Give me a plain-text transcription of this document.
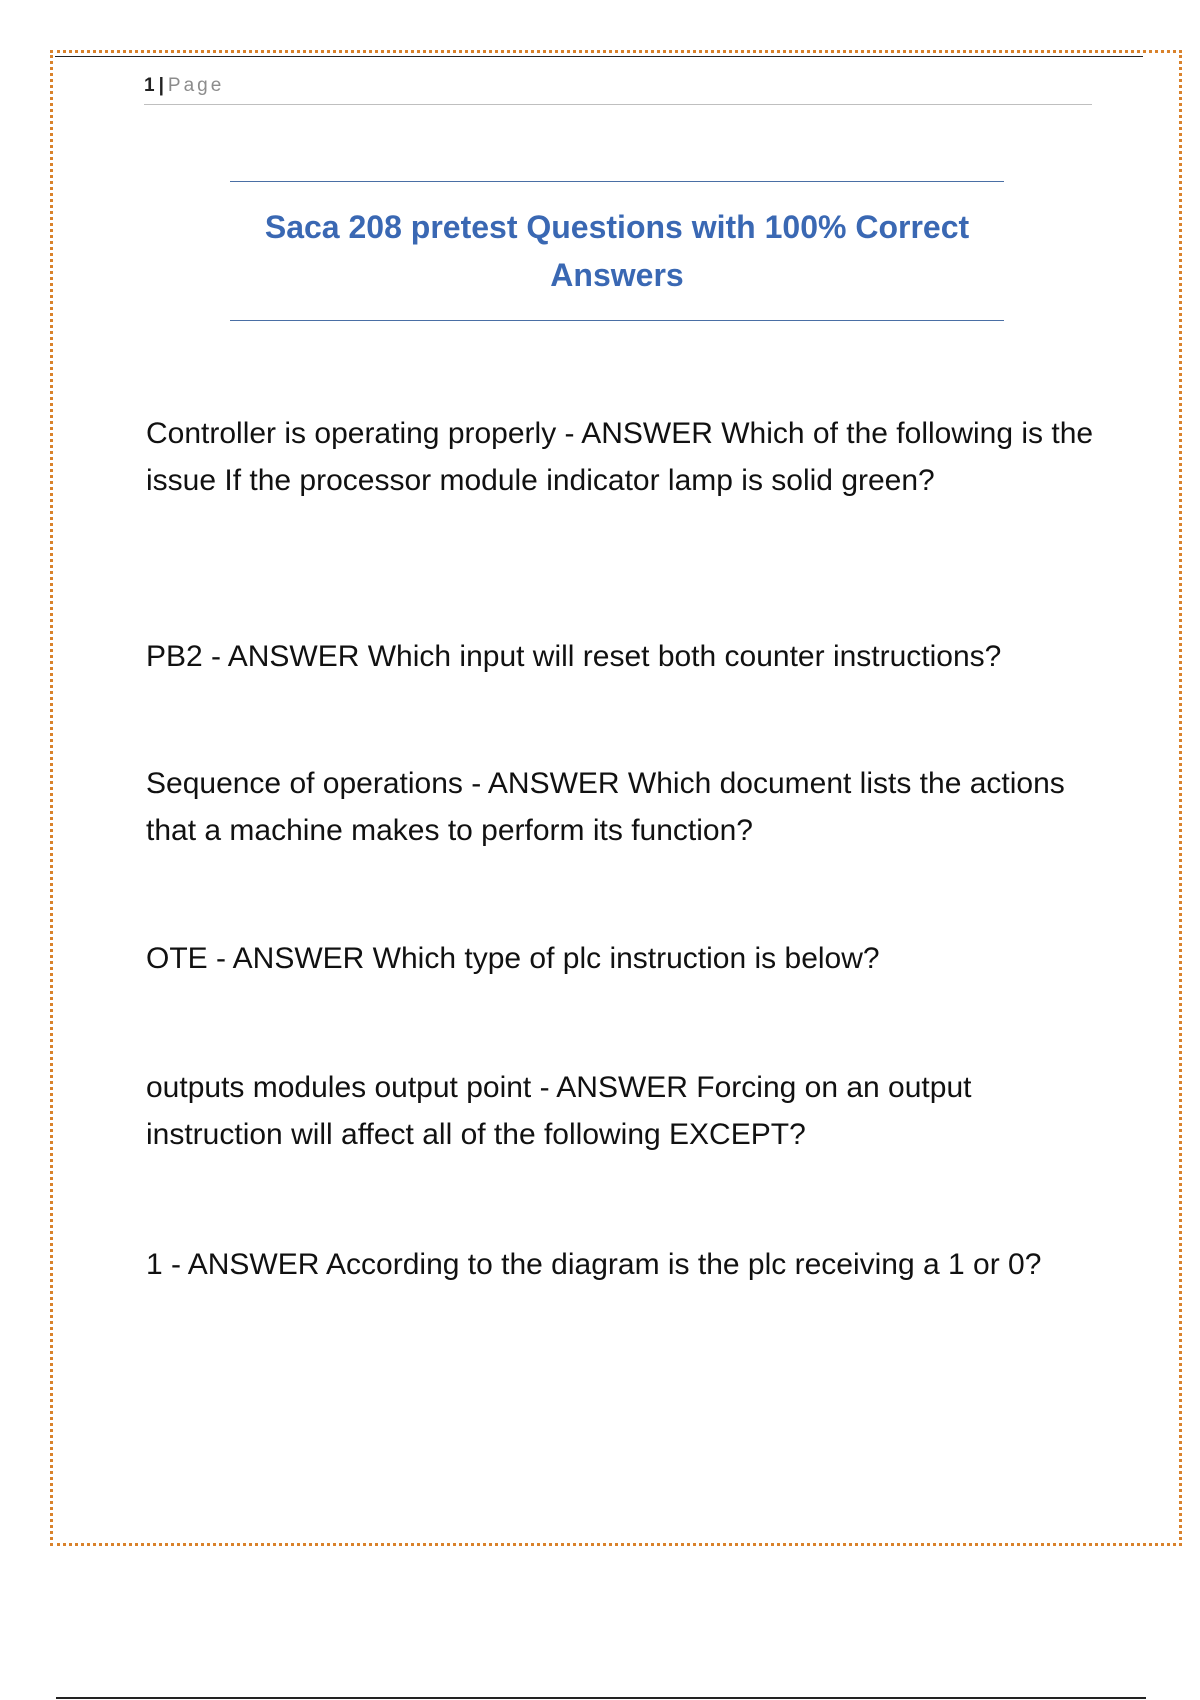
1 | Page
Saca 208 pretest Questions with 100% Correct Answers

Controller is operating properly - ANSWER Which of the following is the issue If the processor module indicator lamp is solid green?

PB2 - ANSWER Which input will reset both counter instructions?

Sequence of operations - ANSWER Which document lists the actions that a machine makes to perform its function?

OTE - ANSWER Which type of plc instruction is below?

outputs modules output point - ANSWER Forcing on an output instruction will affect all of the following EXCEPT?

1 - ANSWER According to the diagram is the plc receiving a 1 or 0?
